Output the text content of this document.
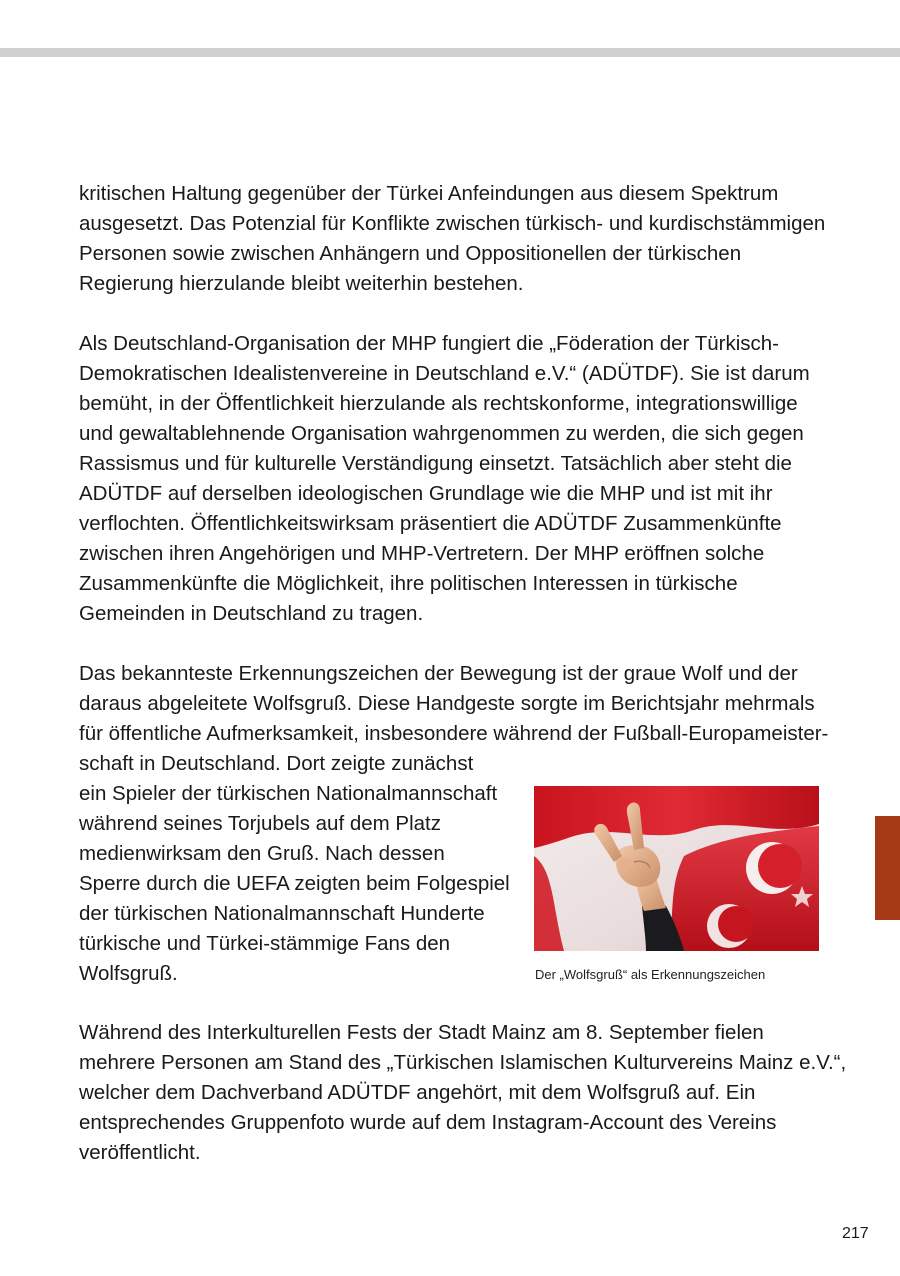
kritischen Haltung gegenüber der Türkei Anfeindungen aus diesem Spektrum
ausgesetzt. Das Potenzial für Konflikte zwischen türkisch- und kurdischstämmigen
Personen sowie zwischen Anhängern und Oppositionellen der türkischen
Regierung hierzulande bleibt weiterhin bestehen.
Als Deutschland-Organisation der MHP fungiert die „Föderation der Türkisch-
Demokratischen Idealistenvereine in Deutschland e.V.“ (ADÜTDF). Sie ist darum
bemüht, in der Öffentlichkeit hierzulande als rechtskonforme, integrationswillige
und gewaltablehnende Organisation wahrgenommen zu werden, die sich gegen
Rassismus und für kulturelle Verständigung einsetzt. Tatsächlich aber steht die
ADÜTDF auf derselben ideologischen Grundlage wie die MHP und ist mit ihr
verflochten. Öffentlichkeitswirksam präsentiert die ADÜTDF Zusammenkünfte
zwischen ihren Angehörigen und MHP-Vertretern. Der MHP eröffnen solche
Zusammenkünfte die Möglichkeit, ihre politischen Interessen in türkische
Gemeinden in Deutschland zu tragen.
Das bekannteste Erkennungszeichen der Bewegung ist der graue Wolf und der
daraus abgeleitete Wolfsgruß. Diese Handgeste sorgte im Berichtsjahr mehrmals
für öffentliche Aufmerksamkeit, insbesondere während der Fußball-Europameister-
schaft in Deutschland. Dort zeigte zunächst
ein Spieler der türkischen Nationalmannschaft
während seines Torjubels auf dem Platz
medienwirksam den Gruß. Nach dessen
Sperre durch die UEFA zeigten beim Folgespiel
der türkischen Nationalmannschaft Hunderte
türkische und Türkei-stämmige Fans den
Wolfsgruß.	Der „Wolfsgruß“ als Erkennungszeichen
Während des Interkulturellen Fests der Stadt Mainz am 8. September fielen
mehrere Personen am Stand des „Türkischen Islamischen Kulturvereins Mainz e.V.“,
welcher dem Dachverband ADÜTDF angehört, mit dem Wolfsgruß auf. Ein
entsprechendes Gruppenfoto wurde auf dem Instagram-Account des Vereins
veröffentlicht.
217
